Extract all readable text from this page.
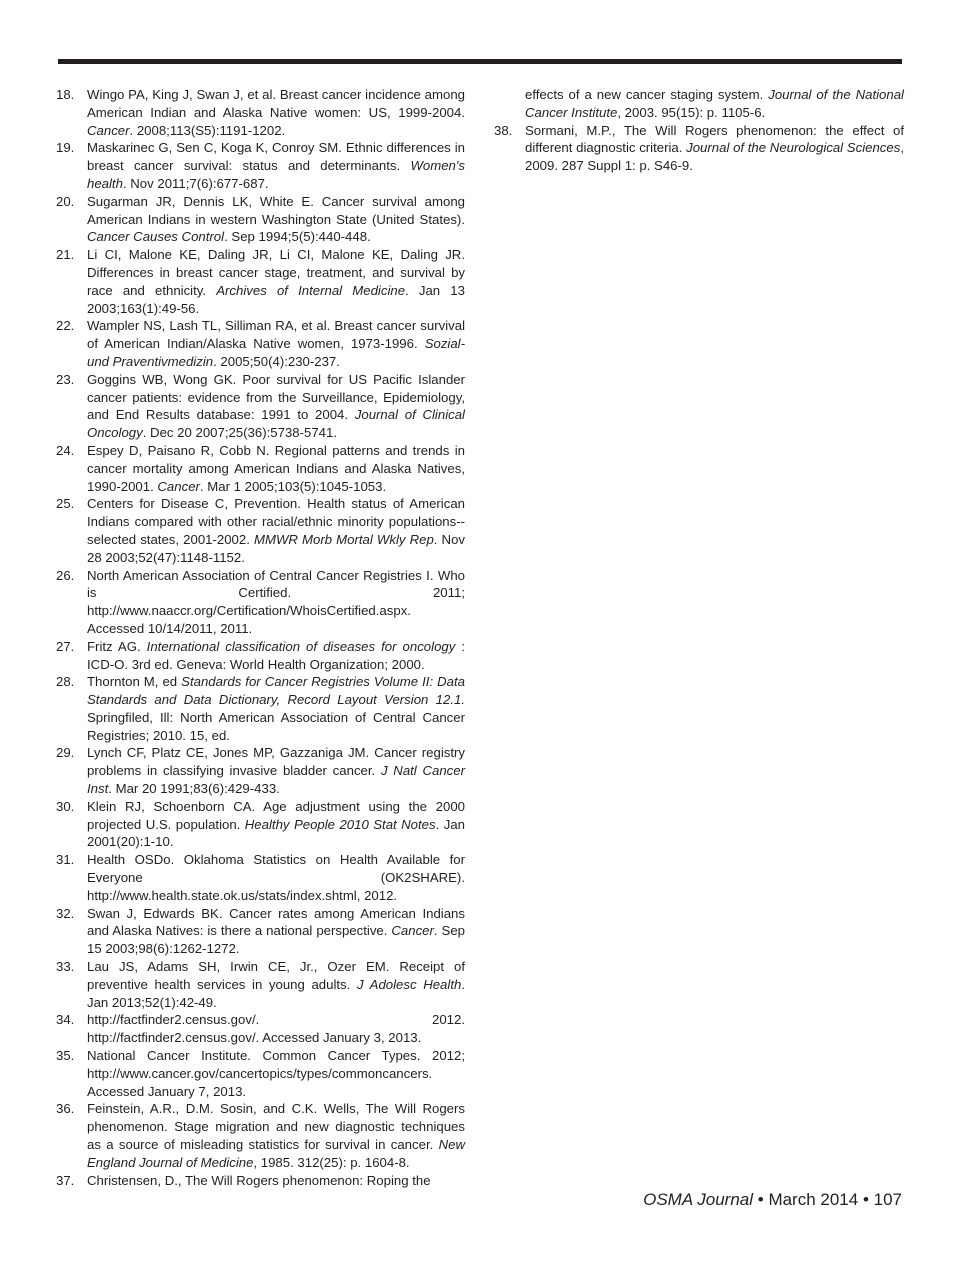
18. Wingo PA, King J, Swan J, et al. Breast cancer incidence among American Indian and Alaska Native women: US, 1999-2004. Cancer. 2008;113(S5):1191-1202.
19. Maskarinec G, Sen C, Koga K, Conroy SM. Ethnic differences in breast cancer survival: status and determinants. Women's health. Nov 2011;7(6):677-687.
20. Sugarman JR, Dennis LK, White E. Cancer survival among American Indians in western Washington State (United States). Cancer Causes Control. Sep 1994;5(5):440-448.
21. Li CI, Malone KE, Daling JR, Li CI, Malone KE, Daling JR. Differences in breast cancer stage, treatment, and survival by race and ethnicity. Archives of Internal Medicine. Jan 13 2003;163(1):49-56.
22. Wampler NS, Lash TL, Silliman RA, et al. Breast cancer survival of American Indian/Alaska Native women, 1973-1996. Sozial- und Praventivmedizin. 2005;50(4):230-237.
23. Goggins WB, Wong GK. Poor survival for US Pacific Islander cancer patients: evidence from the Surveillance, Epidemiology, and End Results database: 1991 to 2004. Journal of Clinical Oncology. Dec 20 2007;25(36):5738-5741.
24. Espey D, Paisano R, Cobb N. Regional patterns and trends in cancer mortality among American Indians and Alaska Natives, 1990-2001. Cancer. Mar 1 2005;103(5):1045-1053.
25. Centers for Disease C, Prevention. Health status of American Indians compared with other racial/ethnic minority populations--selected states, 2001-2002. MMWR Morb Mortal Wkly Rep. Nov 28 2003;52(47):1148-1152.
26. North American Association of Central Cancer Registries I. Who is Certified. 2011; http://www.naaccr.org/Certification/WhoisCertified.aspx. Accessed 10/14/2011, 2011.
27. Fritz AG. International classification of diseases for oncology : ICD-O. 3rd ed. Geneva: World Health Organization; 2000.
28. Thornton M, ed Standards for Cancer Registries Volume II: Data Standards and Data Dictionary, Record Layout Version 12.1. Springfiled, Ill: North American Association of Central Cancer Registries; 2010. 15, ed.
29. Lynch CF, Platz CE, Jones MP, Gazzaniga JM. Cancer registry problems in classifying invasive bladder cancer. J Natl Cancer Inst. Mar 20 1991;83(6):429-433.
30. Klein RJ, Schoenborn CA. Age adjustment using the 2000 projected U.S. population. Healthy People 2010 Stat Notes. Jan 2001(20):1-10.
31. Health OSDo. Oklahoma Statistics on Health Available for Everyone (OK2SHARE). http://www.health.state.ok.us/stats/index.shtml, 2012.
32. Swan J, Edwards BK. Cancer rates among American Indians and Alaska Natives: is there a national perspective. Cancer. Sep 15 2003;98(6):1262-1272.
33. Lau JS, Adams SH, Irwin CE, Jr., Ozer EM. Receipt of preventive health services in young adults. J Adolesc Health. Jan 2013;52(1):42-49.
34. http://factfinder2.census.gov/. 2012. http://factfinder2.census.gov/. Accessed January 3, 2013.
35. National Cancer Institute. Common Cancer Types. 2012; http://www.cancer.gov/cancertopics/types/commoncancers. Accessed January 7, 2013.
36. Feinstein, A.R., D.M. Sosin, and C.K. Wells, The Will Rogers phenomenon. Stage migration and new diagnostic techniques as a source of misleading statistics for survival in cancer. New England Journal of Medicine, 1985. 312(25): p. 1604-8.
37. Christensen, D., The Will Rogers phenomenon: Roping the
effects of a new cancer staging system. Journal of the National Cancer Institute, 2003. 95(15): p. 1105-6.
38. Sormani, M.P., The Will Rogers phenomenon: the effect of different diagnostic criteria. Journal of the Neurological Sciences, 2009. 287 Suppl 1: p. S46-9.
OSMA Journal • March 2014 • 107
